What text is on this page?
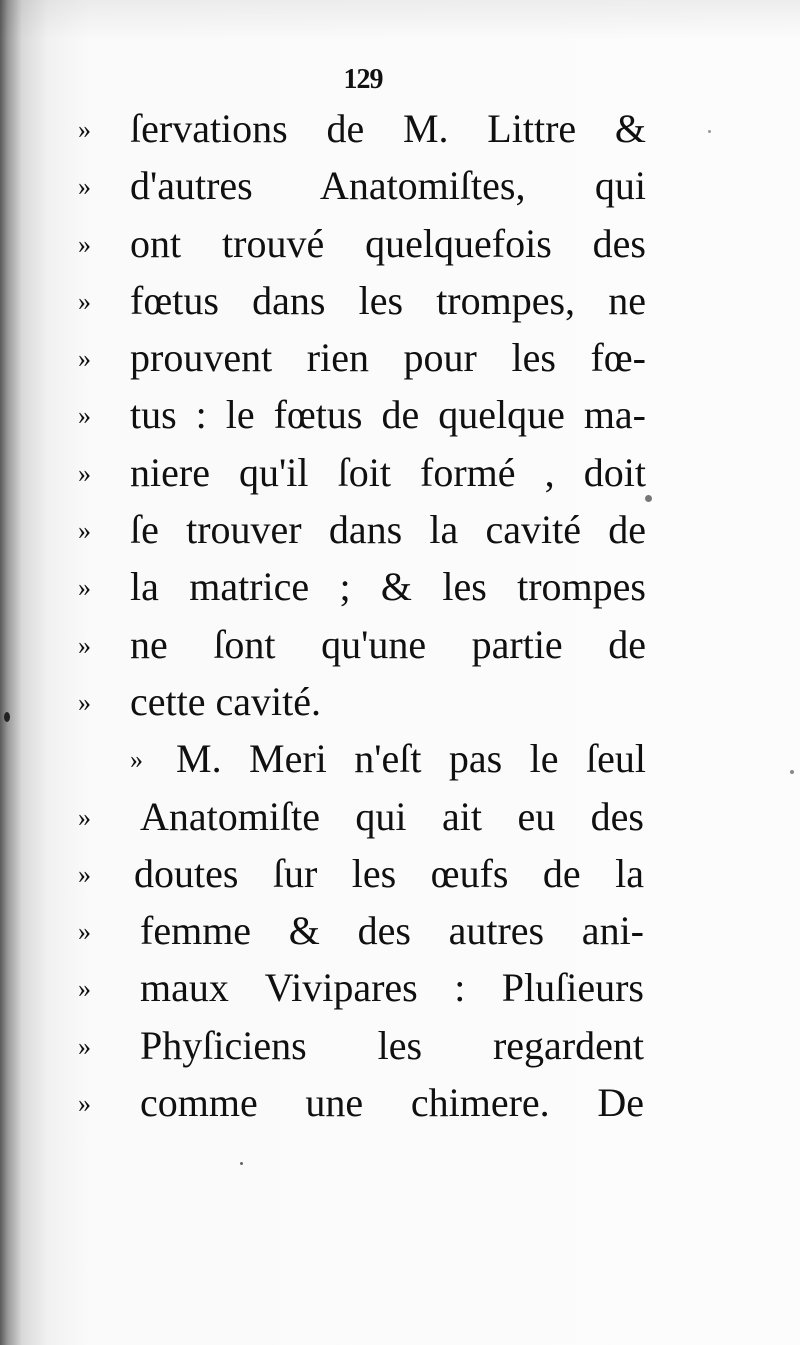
129
» ſervations de M. Littre &
» d'autres Anatomiſtes, qui
» ont trouvé quelquefois des
» fœtus dans les trompes, ne
» prouvent rien pour les fœ-
» tus : le fœtus de quelque ma-
» niere qu'il ſoit formé , doit
» ſe trouver dans la cavité de
» la matrice ; & les trompes
» ne ſont qu'une partie de
» cette cavité.
» M. Meri n'eſt pas le ſeul
» Anatomiſte qui ait eu des
» doutes ſur les œufs de la
» femme & des autres ani-
» maux Vivipares : Pluſieurs
» Phyſiciens les regardent
» comme une chimere. De
